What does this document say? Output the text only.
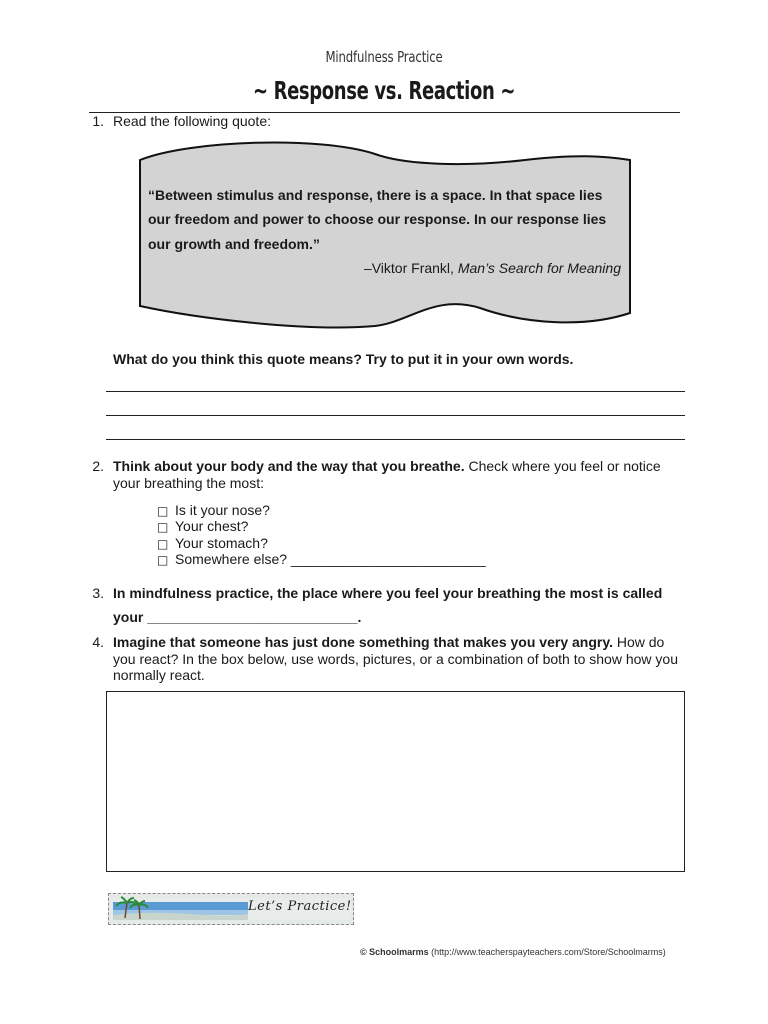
Mindfulness Practice
~ Response vs. Reaction ~
1. Read the following quote:
“Between stimulus and response, there is a space. In that space lies
our freedom and power to choose our response. In our response lies
our growth and freedom.”
–Viktor Frankl, Man’s Search for Meaning
What do you think this quote means? Try to put it in your own words.
2. Think about your body and the way that you breathe. Check where you feel or notice
your breathing the most:
□ Is it your nose?
□ Your chest?
□ Your stomach?
□ Somewhere else? _________________________
3. In mindfulness practice, the place where you feel your breathing the most is called
your ___________________________.
4. Imagine that someone has just done something that makes you very angry. How do
you react? In the box below, use words, pictures, or a combination of both to show how you
normally react.
Let’s Practice!
© Schoolmarms (http://www.teacherspayteachers.com/Store/Schoolmarms)
